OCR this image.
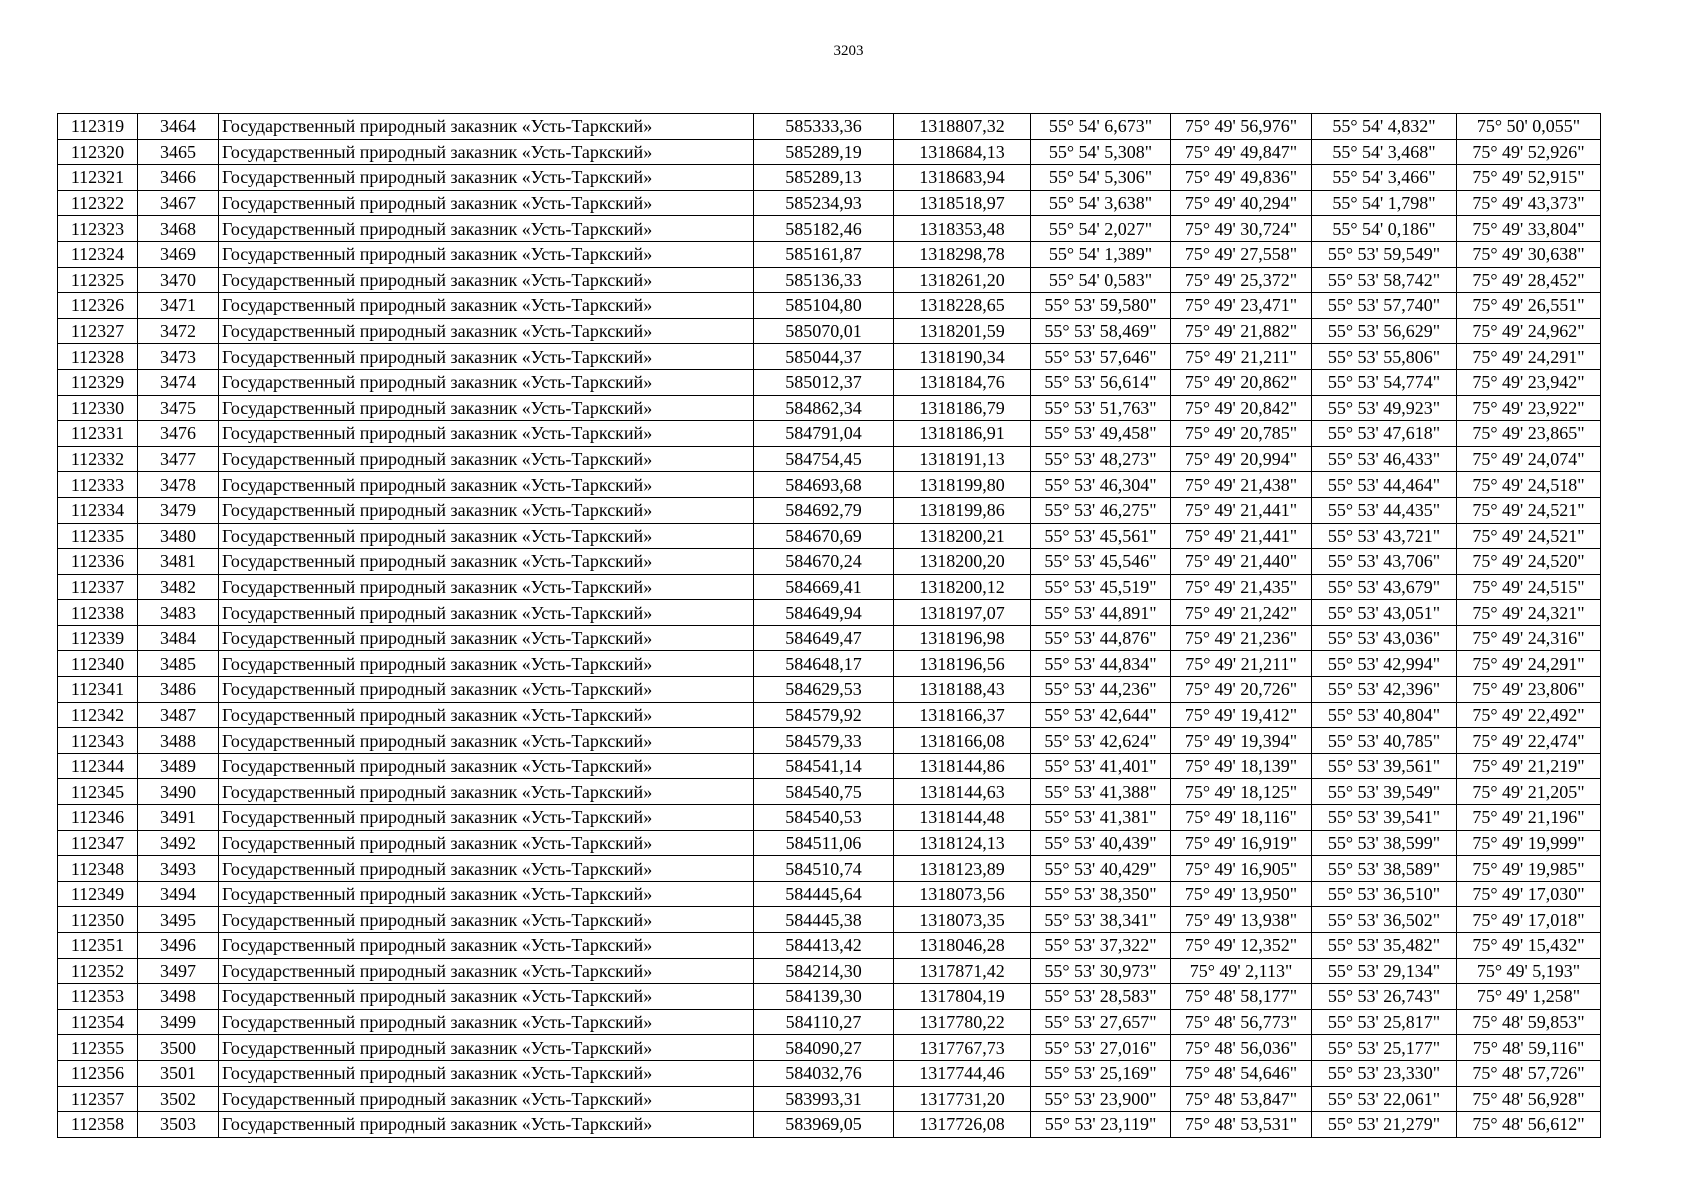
3203
112319	3464	Государственный природный заказник «Усть-Таркский»	585333,36	1318807,32	55° 54' 6,673"	75° 49' 56,976"	55° 54' 4,832"	75° 50' 0,055"
112320	3465	Государственный природный заказник «Усть-Таркский»	585289,19	1318684,13	55° 54' 5,308"	75° 49' 49,847"	55° 54' 3,468"	75° 49' 52,926"
112321	3466	Государственный природный заказник «Усть-Таркский»	585289,13	1318683,94	55° 54' 5,306"	75° 49' 49,836"	55° 54' 3,466"	75° 49' 52,915"
112322	3467	Государственный природный заказник «Усть-Таркский»	585234,93	1318518,97	55° 54' 3,638"	75° 49' 40,294"	55° 54' 1,798"	75° 49' 43,373"
112323	3468	Государственный природный заказник «Усть-Таркский»	585182,46	1318353,48	55° 54' 2,027"	75° 49' 30,724"	55° 54' 0,186"	75° 49' 33,804"
112324	3469	Государственный природный заказник «Усть-Таркский»	585161,87	1318298,78	55° 54' 1,389"	75° 49' 27,558"	55° 53' 59,549"	75° 49' 30,638"
112325	3470	Государственный природный заказник «Усть-Таркский»	585136,33	1318261,20	55° 54' 0,583"	75° 49' 25,372"	55° 53' 58,742"	75° 49' 28,452"
112326	3471	Государственный природный заказник «Усть-Таркский»	585104,80	1318228,65	55° 53' 59,580"	75° 49' 23,471"	55° 53' 57,740"	75° 49' 26,551"
112327	3472	Государственный природный заказник «Усть-Таркский»	585070,01	1318201,59	55° 53' 58,469"	75° 49' 21,882"	55° 53' 56,629"	75° 49' 24,962"
112328	3473	Государственный природный заказник «Усть-Таркский»	585044,37	1318190,34	55° 53' 57,646"	75° 49' 21,211"	55° 53' 55,806"	75° 49' 24,291"
112329	3474	Государственный природный заказник «Усть-Таркский»	585012,37	1318184,76	55° 53' 56,614"	75° 49' 20,862"	55° 53' 54,774"	75° 49' 23,942"
112330	3475	Государственный природный заказник «Усть-Таркский»	584862,34	1318186,79	55° 53' 51,763"	75° 49' 20,842"	55° 53' 49,923"	75° 49' 23,922"
112331	3476	Государственный природный заказник «Усть-Таркский»	584791,04	1318186,91	55° 53' 49,458"	75° 49' 20,785"	55° 53' 47,618"	75° 49' 23,865"
112332	3477	Государственный природный заказник «Усть-Таркский»	584754,45	1318191,13	55° 53' 48,273"	75° 49' 20,994"	55° 53' 46,433"	75° 49' 24,074"
112333	3478	Государственный природный заказник «Усть-Таркский»	584693,68	1318199,80	55° 53' 46,304"	75° 49' 21,438"	55° 53' 44,464"	75° 49' 24,518"
112334	3479	Государственный природный заказник «Усть-Таркский»	584692,79	1318199,86	55° 53' 46,275"	75° 49' 21,441"	55° 53' 44,435"	75° 49' 24,521"
112335	3480	Государственный природный заказник «Усть-Таркский»	584670,69	1318200,21	55° 53' 45,561"	75° 49' 21,441"	55° 53' 43,721"	75° 49' 24,521"
112336	3481	Государственный природный заказник «Усть-Таркский»	584670,24	1318200,20	55° 53' 45,546"	75° 49' 21,440"	55° 53' 43,706"	75° 49' 24,520"
112337	3482	Государственный природный заказник «Усть-Таркский»	584669,41	1318200,12	55° 53' 45,519"	75° 49' 21,435"	55° 53' 43,679"	75° 49' 24,515"
112338	3483	Государственный природный заказник «Усть-Таркский»	584649,94	1318197,07	55° 53' 44,891"	75° 49' 21,242"	55° 53' 43,051"	75° 49' 24,321"
112339	3484	Государственный природный заказник «Усть-Таркский»	584649,47	1318196,98	55° 53' 44,876"	75° 49' 21,236"	55° 53' 43,036"	75° 49' 24,316"
112340	3485	Государственный природный заказник «Усть-Таркский»	584648,17	1318196,56	55° 53' 44,834"	75° 49' 21,211"	55° 53' 42,994"	75° 49' 24,291"
112341	3486	Государственный природный заказник «Усть-Таркский»	584629,53	1318188,43	55° 53' 44,236"	75° 49' 20,726"	55° 53' 42,396"	75° 49' 23,806"
112342	3487	Государственный природный заказник «Усть-Таркский»	584579,92	1318166,37	55° 53' 42,644"	75° 49' 19,412"	55° 53' 40,804"	75° 49' 22,492"
112343	3488	Государственный природный заказник «Усть-Таркский»	584579,33	1318166,08	55° 53' 42,624"	75° 49' 19,394"	55° 53' 40,785"	75° 49' 22,474"
112344	3489	Государственный природный заказник «Усть-Таркский»	584541,14	1318144,86	55° 53' 41,401"	75° 49' 18,139"	55° 53' 39,561"	75° 49' 21,219"
112345	3490	Государственный природный заказник «Усть-Таркский»	584540,75	1318144,63	55° 53' 41,388"	75° 49' 18,125"	55° 53' 39,549"	75° 49' 21,205"
112346	3491	Государственный природный заказник «Усть-Таркский»	584540,53	1318144,48	55° 53' 41,381"	75° 49' 18,116"	55° 53' 39,541"	75° 49' 21,196"
112347	3492	Государственный природный заказник «Усть-Таркский»	584511,06	1318124,13	55° 53' 40,439"	75° 49' 16,919"	55° 53' 38,599"	75° 49' 19,999"
112348	3493	Государственный природный заказник «Усть-Таркский»	584510,74	1318123,89	55° 53' 40,429"	75° 49' 16,905"	55° 53' 38,589"	75° 49' 19,985"
112349	3494	Государственный природный заказник «Усть-Таркский»	584445,64	1318073,56	55° 53' 38,350"	75° 49' 13,950"	55° 53' 36,510"	75° 49' 17,030"
112350	3495	Государственный природный заказник «Усть-Таркский»	584445,38	1318073,35	55° 53' 38,341"	75° 49' 13,938"	55° 53' 36,502"	75° 49' 17,018"
112351	3496	Государственный природный заказник «Усть-Таркский»	584413,42	1318046,28	55° 53' 37,322"	75° 49' 12,352"	55° 53' 35,482"	75° 49' 15,432"
112352	3497	Государственный природный заказник «Усть-Таркский»	584214,30	1317871,42	55° 53' 30,973"	75° 49' 2,113"	55° 53' 29,134"	75° 49' 5,193"
112353	3498	Государственный природный заказник «Усть-Таркский»	584139,30	1317804,19	55° 53' 28,583"	75° 48' 58,177"	55° 53' 26,743"	75° 49' 1,258"
112354	3499	Государственный природный заказник «Усть-Таркский»	584110,27	1317780,22	55° 53' 27,657"	75° 48' 56,773"	55° 53' 25,817"	75° 48' 59,853"
112355	3500	Государственный природный заказник «Усть-Таркский»	584090,27	1317767,73	55° 53' 27,016"	75° 48' 56,036"	55° 53' 25,177"	75° 48' 59,116"
112356	3501	Государственный природный заказник «Усть-Таркский»	584032,76	1317744,46	55° 53' 25,169"	75° 48' 54,646"	55° 53' 23,330"	75° 48' 57,726"
112357	3502	Государственный природный заказник «Усть-Таркский»	583993,31	1317731,20	55° 53' 23,900"	75° 48' 53,847"	55° 53' 22,061"	75° 48' 56,928"
112358	3503	Государственный природный заказник «Усть-Таркский»	583969,05	1317726,08	55° 53' 23,119"	75° 48' 53,531"	55° 53' 21,279"	75° 48' 56,612"
